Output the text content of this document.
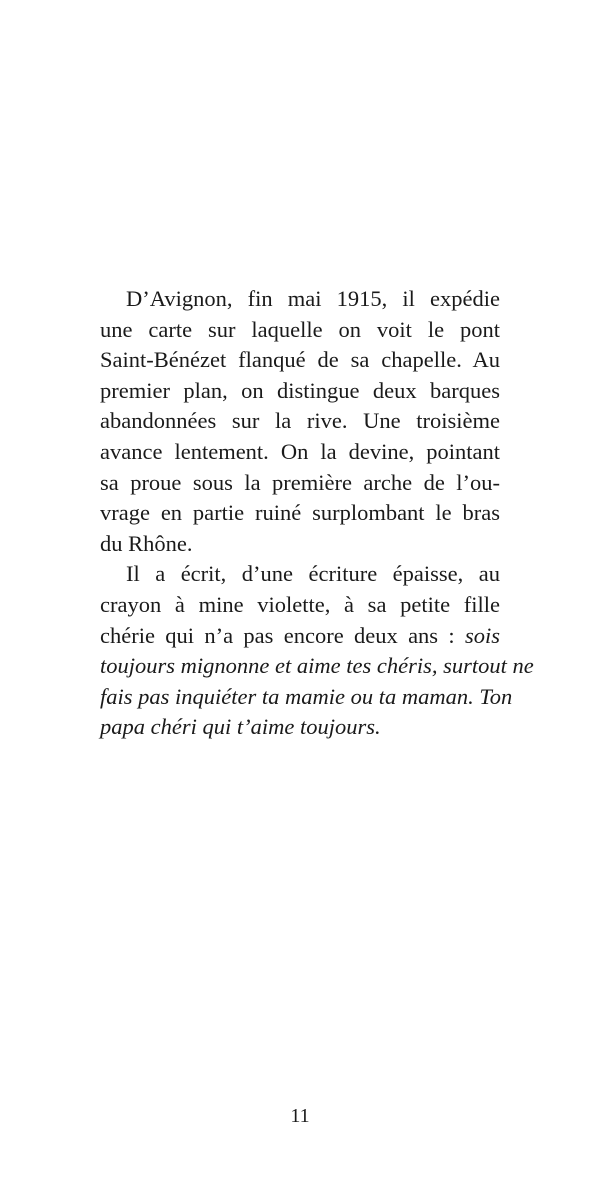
D’Avignon, fin mai 1915, il expédie
une carte sur laquelle on voit le pont
Saint-Bénézet flanqué de sa chapelle. Au
premier plan, on distingue deux barques
abandonnées sur la rive. Une troisième
avance lentement. On la devine, pointant
sa proue sous la première arche de l’ou-
vrage en partie ruiné surplombant le bras
du Rhône.
Il a écrit, d’une écriture épaisse, au
crayon à mine violette, à sa petite fille
chérie qui n’a pas encore deux ans : sois
toujours mignonne et aime tes chéris, surtout ne
fais pas inquiéter ta mamie ou ta maman. Ton
papa chéri qui t’aime toujours.
11
